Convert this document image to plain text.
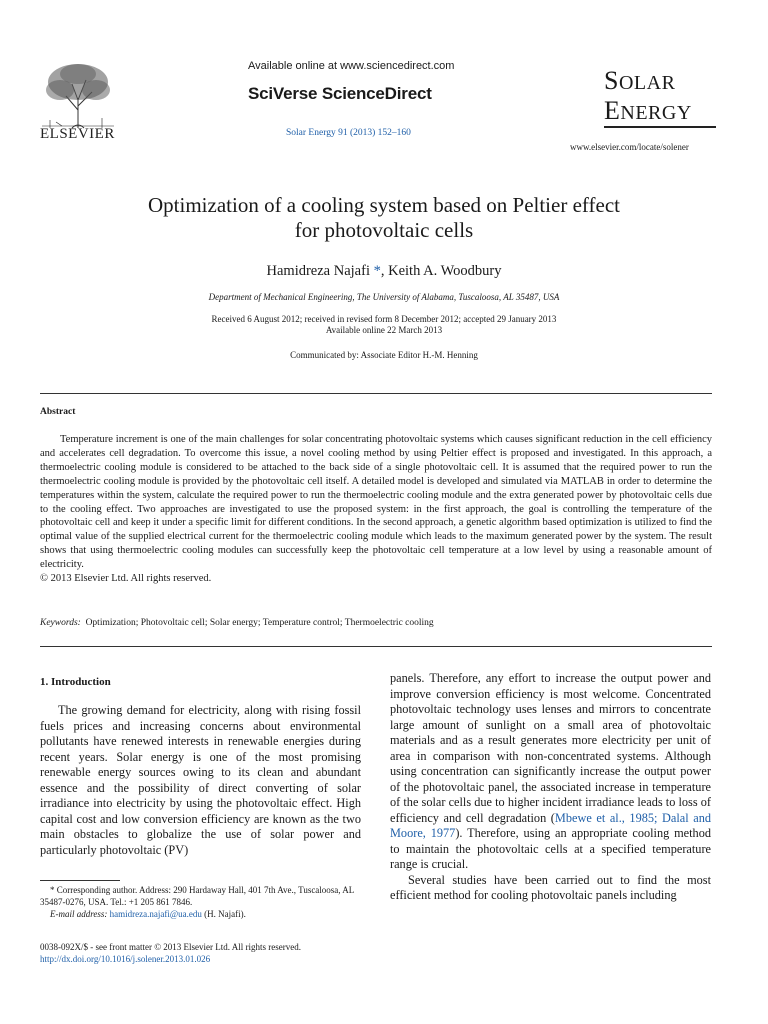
ELSEVIER
Available online at www.sciencedirect.com
SciVerse ScienceDirect
Solar Energy 91 (2013) 152–160
SOLAR
ENERGY
www.elsevier.com/locate/solener
Optimization of a cooling system based on Peltier effect
for photovoltaic cells
Hamidreza Najafi *, Keith A. Woodbury
Department of Mechanical Engineering, The University of Alabama, Tuscaloosa, AL 35487, USA
Received 6 August 2012; received in revised form 8 December 2012; accepted 29 January 2013
Available online 22 March 2013
Communicated by: Associate Editor H.-M. Henning
Abstract

Temperature increment is one of the main challenges for solar concentrating photovoltaic systems which causes significant reduction in the cell efficiency and accelerates cell degradation. To overcome this issue, a novel cooling method by using Peltier effect is proposed and investigated. In this approach, a thermoelectric cooling module is considered to be attached to the back side of a single photovoltaic cell. It is assumed that the required power to run the thermoelectric cooling module is provided by the photovoltaic cell itself. A detailed model is developed and simulated via MATLAB in order to determine the temperatures within the system, calculate the required power to run the thermoelectric cooling module and the extra generated power by photovoltaic cells due to the cooling effect. Two approaches are investigated to use the proposed system: in the first approach, the goal is controlling the temperature of the photovoltaic cell and keep it under a specific limit for different conditions. In the second approach, a genetic algorithm based optimization is utilized to find the optimal value of the supplied electrical current for the thermoelectric cooling module which leads to the maximum generated power by the system. The result shows that using thermoelectric cooling modules can successfully keep the photovoltaic cell temperature at a low level by using a reasonable amount of electricity.

© 2013 Elsevier Ltd. All rights reserved.

Keywords: Optimization; Photovoltaic cell; Solar energy; Temperature control; Thermoelectric cooling
1. Introduction

The growing demand for electricity, along with rising fossil fuels prices and increasing concerns about environmental pollutants have renewed interests in renewable energies during recent years. Solar energy is one of the most promising renewable energy sources owing to its clean and abundant essence and the possibility of direct converting of solar irradiance into electricity by using the photovoltaic effect. High capital cost and low conversion efficiency are known as the two main obstacles to globalize the use of solar power and particularly photovoltaic (PV)

panels. Therefore, any effort to increase the output power and improve conversion efficiency is most welcome. Concentrated photovoltaic technology uses lenses and mirrors to concentrate large amount of sunlight on a small area of photovoltaic materials and as a result generates more electricity per unit of area in comparison with non-concentrated systems. Although using concentration can significantly increase the output power of the photovoltaic panel, the associated increase in temperature of the solar cells due to higher incident irradiance leads to loss of efficiency and cell degradation (Mbewe et al., 1985; Dalal and Moore, 1977). Therefore, using an appropriate cooling method to maintain the photovoltaic cells at a specified temperature range is crucial.

Several studies have been carried out to find the most efficient method for cooling photovoltaic panels including

* Corresponding author. Address: 290 Hardaway Hall, 401 7th Ave., Tuscaloosa, AL 35487-0276, USA. Tel.: +1 205 861 7846.
E-mail address: hamidreza.najafi@ua.edu (H. Najafi).
0038-092X/$ - see front matter © 2013 Elsevier Ltd. All rights reserved.
http://dx.doi.org/10.1016/j.solener.2013.01.026
